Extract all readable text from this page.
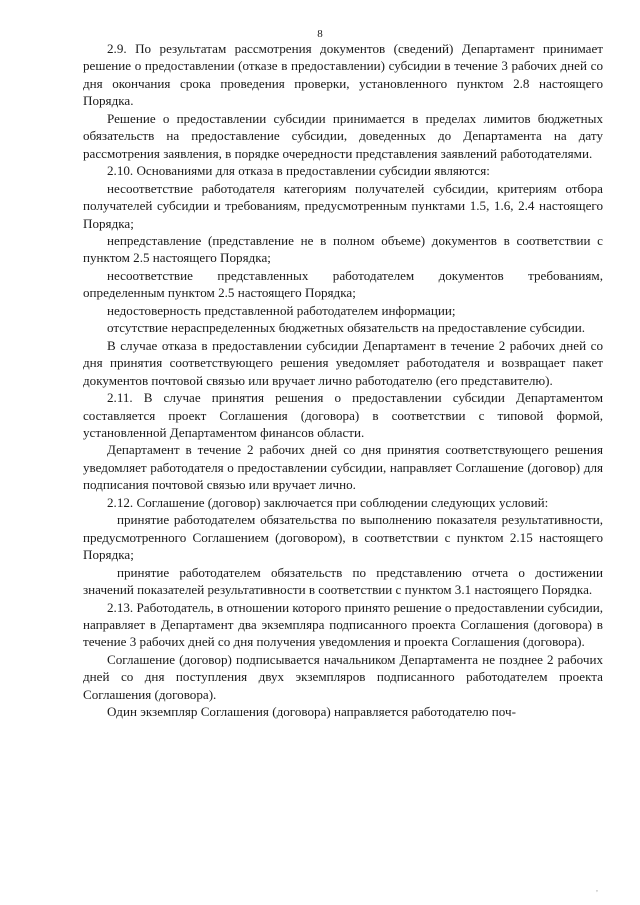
8

2.9. По результатам рассмотрения документов (сведений) Департамент принимает решение о предоставлении (отказе в предоставлении) субсидии в течение 3 рабочих дней со дня окончания срока проведения проверки, установленного пунктом 2.8 настоящего Порядка.

Решение о предоставлении субсидии принимается в пределах лимитов бюджетных обязательств на предоставление субсидии, доведенных до Департамента на дату рассмотрения заявления, в порядке очередности представления заявлений работодателями.

2.10. Основаниями для отказа в предоставлении субсидии являются:

несоответствие работодателя категориям получателей субсидии, критериям отбора получателей субсидии и требованиям, предусмотренным пунктами 1.5, 1.6, 2.4 настоящего Порядка;

непредставление (представление не в полном объеме) документов в соответствии с пунктом 2.5 настоящего Порядка;

несоответствие представленных работодателем документов требованиям, определенным пунктом 2.5 настоящего Порядка;

недостоверность представленной работодателем информации;

отсутствие нераспределенных бюджетных обязательств на предоставление субсидии.

В случае отказа в предоставлении субсидии Департамент в течение 2 рабочих дней со дня принятия соответствующего решения уведомляет работодателя и возвращает пакет документов почтовой связью или вручает лично работодателю (его представителю).

2.11. В случае принятия решения о предоставлении субсидии Департаментом составляется проект Соглашения (договора) в соответствии с типовой формой, установленной Департаментом финансов области.

Департамент в течение 2 рабочих дней со дня принятия соответствующего решения уведомляет работодателя о предоставлении субсидии, направляет Соглашение (договор) для подписания почтовой связью или вручает лично.

2.12. Соглашение (договор) заключается при соблюдении следующих условий:

принятие работодателем обязательства по выполнению показателя результативности, предусмотренного Соглашением (договором), в соответствии с пунктом 2.15 настоящего Порядка;

принятие работодателем обязательств по представлению отчета о достижении значений показателей результативности в соответствии с пунктом 3.1 настоящего Порядка.

2.13. Работодатель, в отношении которого принято решение о предоставлении субсидии, направляет в Департамент два экземпляра подписанного проекта Соглашения (договора) в течение 3 рабочих дней со дня получения уведомления и проекта Соглашения (договора).

Соглашение (договор) подписывается начальником Департамента не позднее 2 рабочих дней со дня поступления двух экземпляров подписанного работодателем проекта Соглашения (договора).

Один экземпляр Соглашения (договора) направляется работодателю поч-

,
